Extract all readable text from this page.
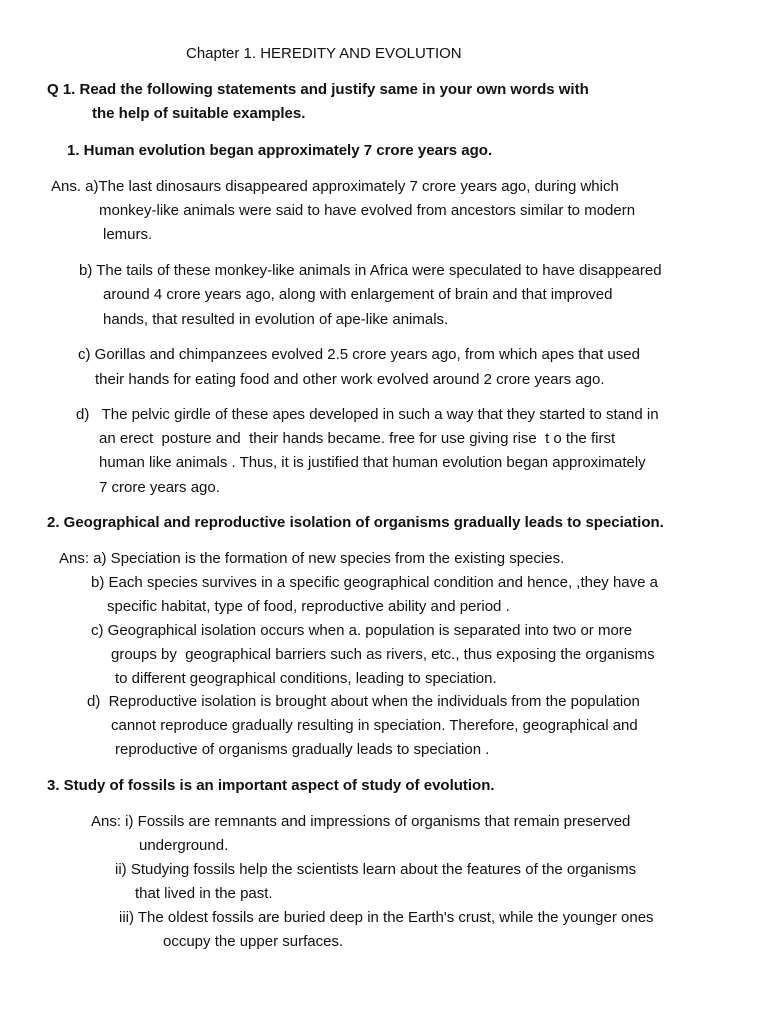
Chapter 1. HEREDITY AND EVOLUTION
Q 1. Read the following statements and justify same in your own words with
the help of suitable examples.
1. Human evolution began approximately 7 crore years ago.
Ans. a)The last dinosaurs disappeared approximately 7 crore years ago, during which
monkey-like animals were said to have evolved from ancestors similar to modern
lemurs.
b) The tails of these monkey-like animals in Africa were speculated to have disappeared
around 4 crore years ago, along with enlargement of brain and that improved
hands, that resulted in evolution of ape-like animals.
c) Gorillas and chimpanzees evolved 2.5 crore years ago, from which apes that used
their hands for eating food and other work evolved around 2 crore years ago.
d)   The pelvic girdle of these apes developed in such a way that they started to stand in
an erect  posture and  their hands became. free for use giving rise  t o the first
human like animals . Thus, it is justified that human evolution began approximately
7 crore years ago.
2. Geographical and reproductive isolation of organisms gradually leads to speciation.
Ans: a) Speciation is the formation of new species from the existing species.
b) Each species survives in a specific geographical condition and hence, ,they have a
specific habitat, type of food, reproductive ability and period .
c) Geographical isolation occurs when a. population is separated into two or more
groups by  geographical barriers such as rivers, etc., thus exposing the organisms
to different geographical conditions, leading to speciation.
d)  Reproductive isolation is brought about when the individuals from the population
cannot reproduce gradually resulting in speciation. Therefore, geographical and
reproductive of organisms gradually leads to speciation .
3. Study of fossils is an important aspect of study of evolution.
Ans: i) Fossils are remnants and impressions of organisms that remain preserved
underground.
ii) Studying fossils help the scientists learn about the features of the organisms
that lived in the past.
iii) The oldest fossils are buried deep in the Earth's crust, while the younger ones
occupy the upper surfaces.
